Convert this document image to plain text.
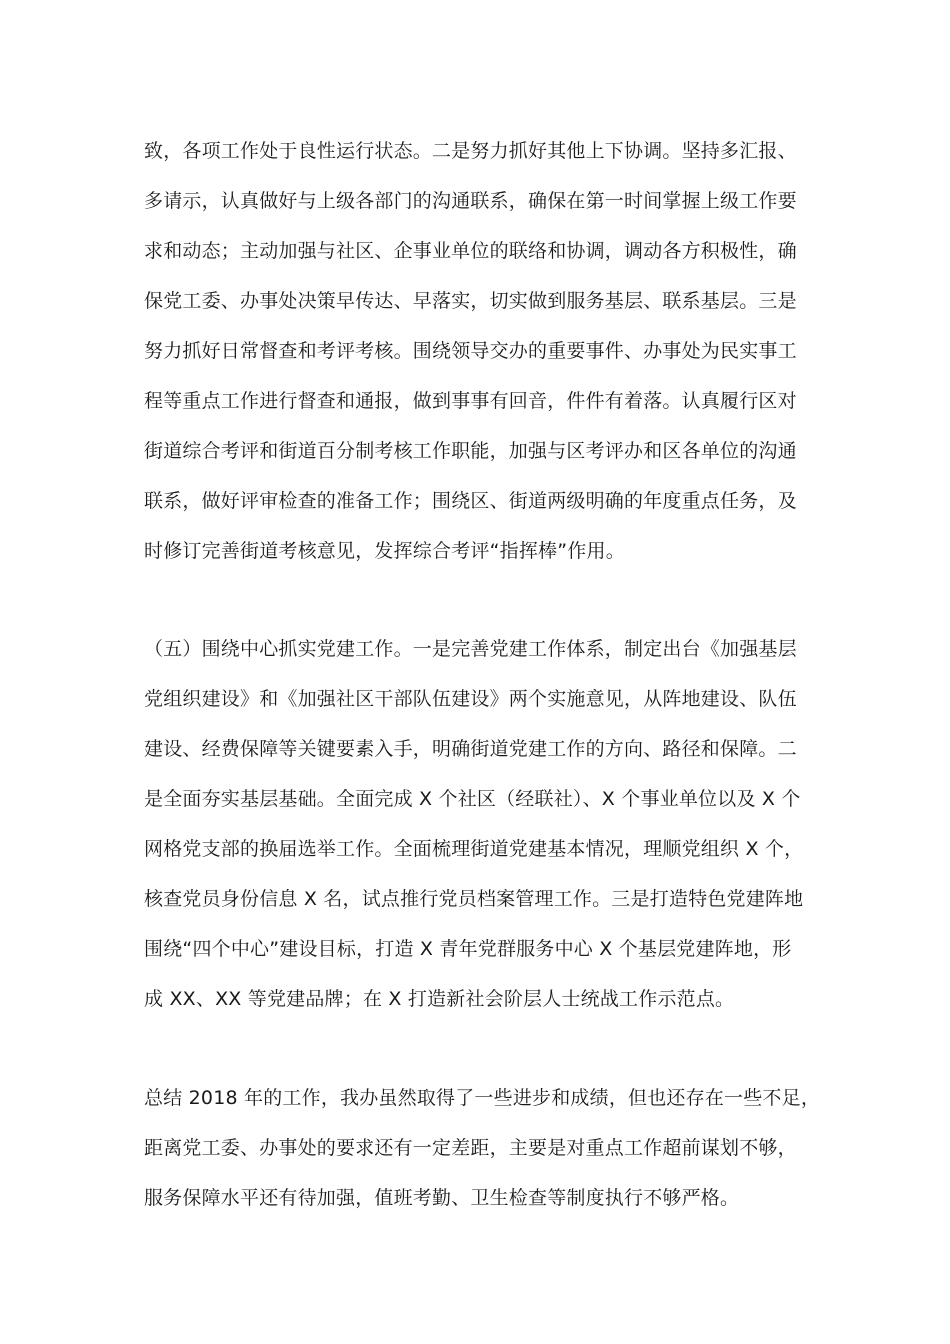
致，各项工作处于良性运行状态。二是努力抓好其他上下协调。坚持多汇报、
多请示，认真做好与上级各部门的沟通联系，确保在第一时间掌握上级工作要
求和动态；主动加强与社区、企事业单位的联络和协调，调动各方积极性，确
保党工委、办事处决策早传达、早落实，切实做到服务基层、联系基层。三是
努力抓好日常督查和考评考核。围绕领导交办的重要事件、办事处为民实事工
程等重点工作进行督查和通报，做到事事有回音，件件有着落。认真履行区对
街道综合考评和街道百分制考核工作职能，加强与区考评办和区各单位的沟通
联系，做好评审检查的准备工作；围绕区、街道两级明确的年度重点任务，及
时修订完善街道考核意见，发挥综合考评“指挥棒”作用。
（五）围绕中心抓实党建工作。一是完善党建工作体系，制定出台《加强基层
党组织建设》和《加强社区干部队伍建设》两个实施意见，从阵地建设、队伍
建设、经费保障等关键要素入手，明确街道党建工作的方向、路径和保障。二
是全面夯实基层基础。全面完成 X 个社区（经联社）、X 个事业单位以及 X 个
网格党支部的换届选举工作。全面梳理街道党建基本情况，理顺党组织 X 个，
核查党员身份信息 X 名，试点推行党员档案管理工作。三是打造特色党建阵地
围绕“四个中心”建设目标，打造 X 青年党群服务中心 X 个基层党建阵地，形
成 XX、XX 等党建品牌；在 X 打造新社会阶层人士统战工作示范点。
总结 2018 年的工作，我办虽然取得了一些进步和成绩，但也还存在一些不足，
距离党工委、办事处的要求还有一定差距，主要是对重点工作超前谋划不够，
服务保障水平还有待加强，值班考勤、卫生检查等制度执行不够严格。
